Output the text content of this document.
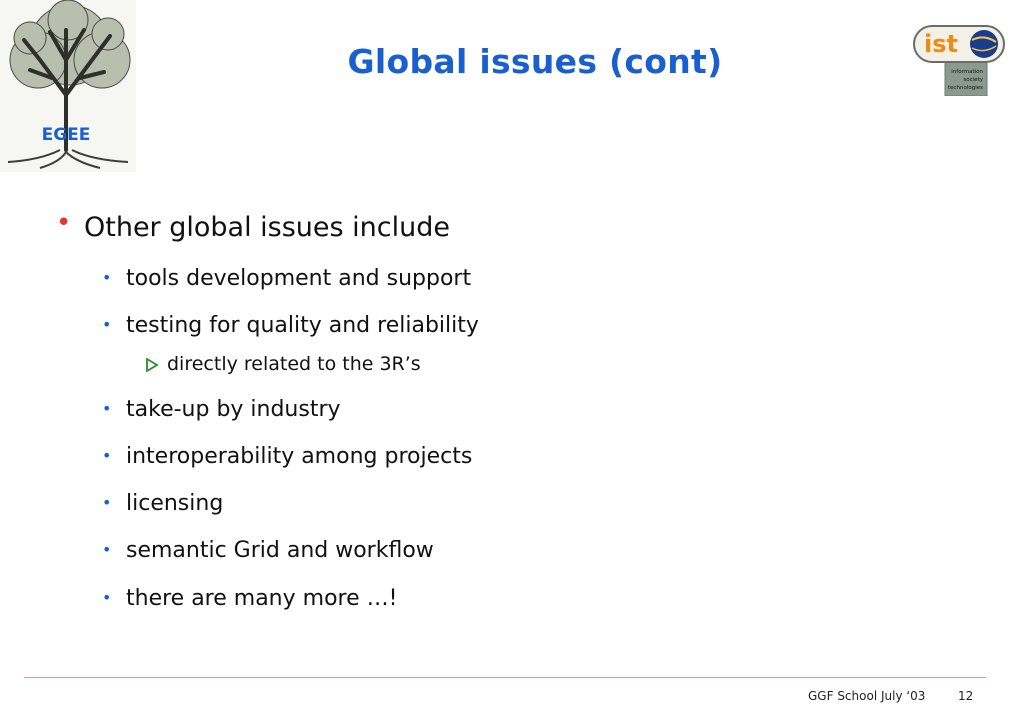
EGEE
ist
information
society
technologies
Global issues (cont)
• Other global issues include
• tools development and support
• testing for quality and reliability
directly related to the 3R’s
• take-up by industry
• interoperability among projects
• licensing
• semantic Grid and workflow
• there are many more …!
GGF School July ‘03	12
